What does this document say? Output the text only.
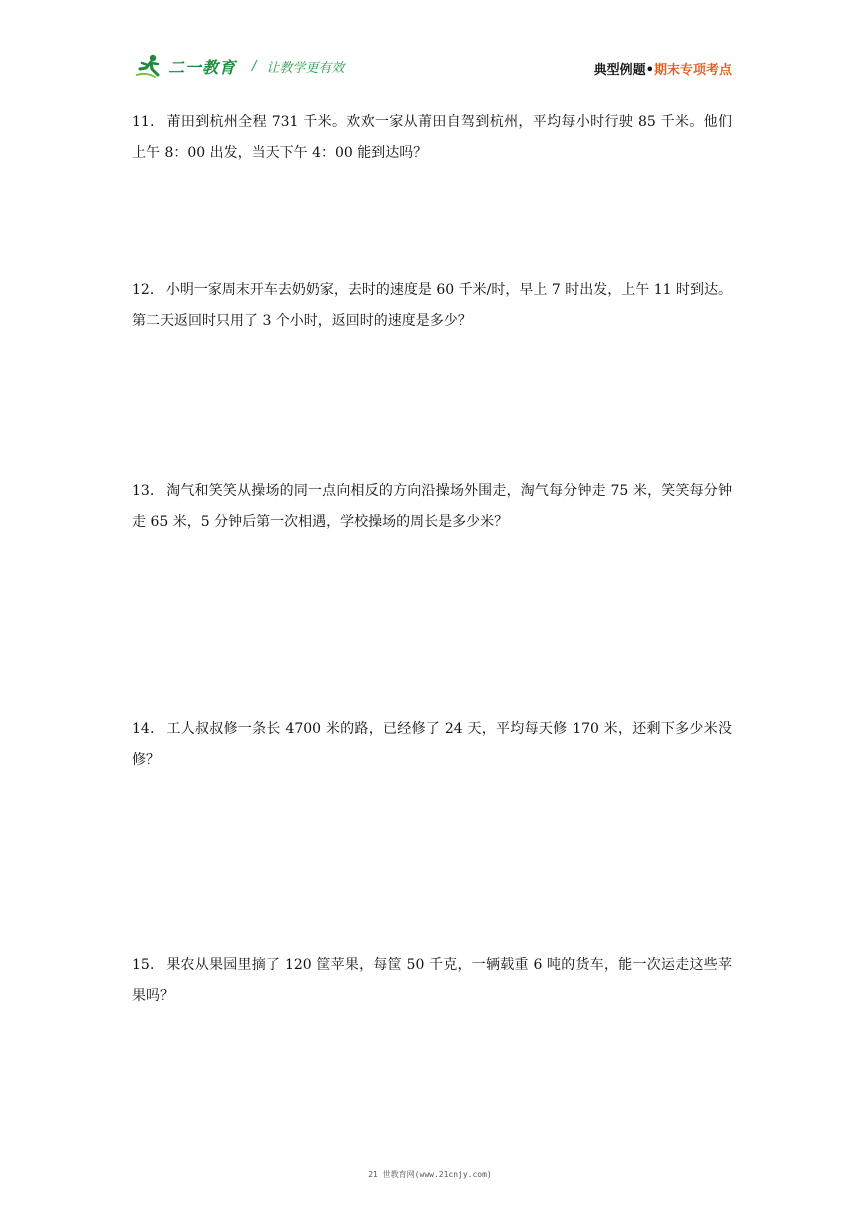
二一教育 / 让教学更有效	典型例题•期末专项考点
11． 莆田到杭州全程 731 千米。欢欢一家从莆田自驾到杭州，平均每小时行驶 85 千米。他们上午 8：00 出发，当天下午 4：00 能到达吗？
12． 小明一家周末开车去奶奶家，去时的速度是 60 千米/时，早上 7 时出发，上午 11 时到达。第二天返回时只用了 3 个小时，返回时的速度是多少？
13． 淘气和笑笑从操场的同一点向相反的方向沿操场外围走，淘气每分钟走 75 米，笑笑每分钟走 65 米，5 分钟后第一次相遇，学校操场的周长是多少米？
14． 工人叔叔修一条长 4700 米的路，已经修了 24 天，平均每天修 170 米，还剩下多少米没修？
15． 果农从果园里摘了 120 筐苹果，每筐 50 千克，一辆载重 6 吨的货车，能一次运走这些苹果吗？
21 世教育网(www.21cnjy.com)
